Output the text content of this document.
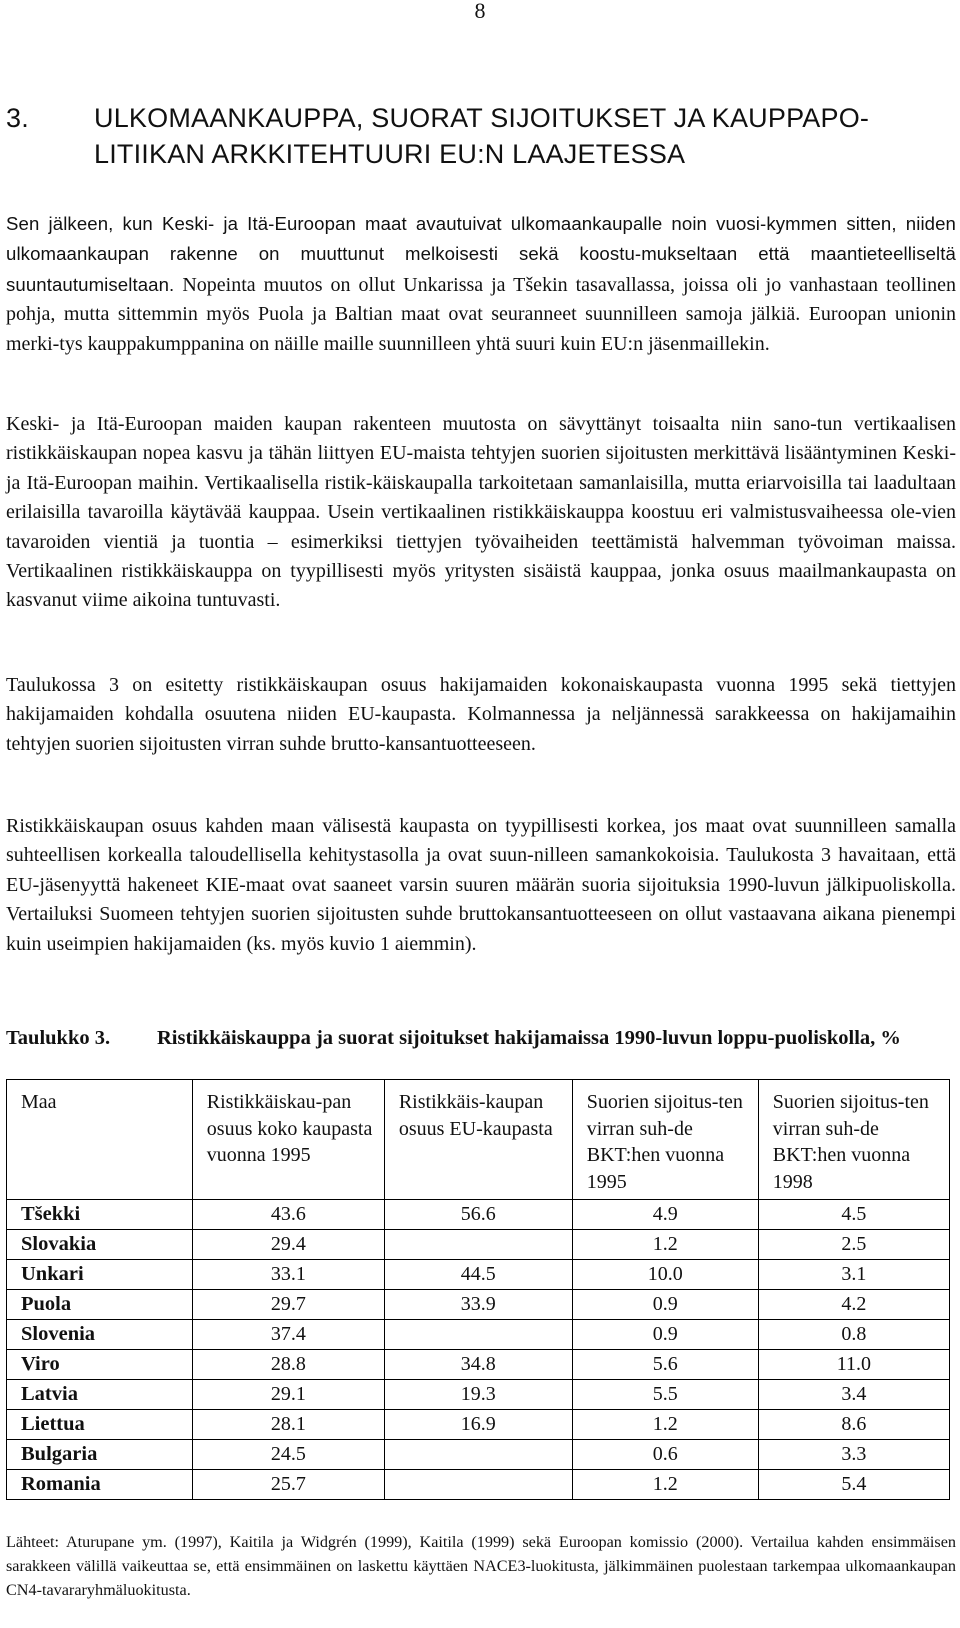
8
3. ULKOMAANKAUPPA, SUORAT SIJOITUKSET JA KAUPPAPO-LITIIKAN ARKKITEHTUURI EU:N LAAJETESSA

Sen jälkeen, kun Keski- ja Itä-Euroopan maat avautuivat ulkomaankaupalle noin vuosi-kymmen sitten, niiden ulkomaankaupan rakenne on muuttunut melkoisesti sekä koostu-mukseltaan että maantieteelliseltä suuntautumiseltaan. Nopeinta muutos on ollut Unkarissa ja Tšekin tasavallassa, joissa oli jo vanhastaan teollinen pohja, mutta sittemmin myös Puola ja Baltian maat ovat seuranneet suunnilleen samoja jälkiä. Euroopan unionin merki-tys kauppakumppanina on näille maille suunnilleen yhtä suuri kuin EU:n jäsenmaillekin.

Keski- ja Itä-Euroopan maiden kaupan rakenteen muutosta on sävyttänyt toisaalta niin sano-tun vertikaalisen ristikkäiskaupan nopea kasvu ja tähän liittyen EU-maista tehtyjen suorien sijoitusten merkittävä lisääntyminen Keski- ja Itä-Euroopan maihin. Vertikaalisella ristik-käiskaupalla tarkoitetaan samanlaisilla, mutta eriarvoisilla tai laadultaan erilaisilla tavaroilla käytävää kauppaa. Usein vertikaalinen ristikkäiskauppa koostuu eri valmistusvaiheessa ole-vien tavaroiden vientiä ja tuontia – esimerkiksi tiettyjen työvaiheiden teettämistä halvemman työvoiman maissa. Vertikaalinen ristikkäiskauppa on tyypillisesti myös yritysten sisäistä kauppaa, jonka osuus maailmankaupasta on kasvanut viime aikoina tuntuvasti.

Taulukossa 3 on esitetty ristikkäiskaupan osuus hakijamaiden kokonaiskaupasta vuonna 1995 sekä tiettyjen hakijamaiden kohdalla osuutena niiden EU-kaupasta. Kolmannessa ja neljännessä sarakkeessa on hakijamaihin tehtyjen suorien sijoitusten virran suhde brutto-kansantuotteeseen.

Ristikkäiskaupan osuus kahden maan välisestä kaupasta on tyypillisesti korkea, jos maat ovat suunnilleen samalla suhteellisen korkealla taloudellisella kehitystasolla ja ovat suun-nilleen samankokoisia. Taulukosta 3 havaitaan, että EU-jäsenyyttä hakeneet KIE-maat ovat saaneet varsin suuren määrän suoria sijoituksia 1990-luvun jälkipuoliskolla. Vertailuksi Suomeen tehtyjen suorien sijoitusten suhde bruttokansantuotteeseen on ollut vastaavana aikana pienempi kuin useimpien hakijamaiden (ks. myös kuvio 1 aiemmin).

Taulukko 3. Ristikkäiskauppa ja suorat sijoitukset hakijamaissa 1990-luvun loppu-puoliskolla, %
Maa	Ristikkäiskau-pan osuus koko kaupasta vuonna 1995	Ristikkäis-kaupan osuus EU-kaupasta	Suorien sijoitus-ten virran suh-de BKT:hen vuonna 1995	Suorien sijoitus-ten virran suh-de BKT:hen vuonna 1998
Tšekki	43.6	56.6	4.9	4.5
Slovakia	29.4		1.2	2.5
Unkari	33.1	44.5	10.0	3.1
Puola	29.7	33.9	0.9	4.2
Slovenia	37.4		0.9	0.8
Viro	28.8	34.8	5.6	11.0
Latvia	29.1	19.3	5.5	3.4
Liettua	28.1	16.9	1.2	8.6
Bulgaria	24.5		0.6	3.3
Romania	25.7		1.2	5.4

Lähteet: Aturupane ym. (1997), Kaitila ja Widgrén (1999), Kaitila (1999) sekä Euroopan komissio (2000). Vertailua kahden ensimmäisen sarakkeen välillä vaikeuttaa se, että ensimmäinen on laskettu käyttäen NACE3-luokitusta, jälkimmäinen puolestaan tarkempaa ulkomaankaupan CN4-tavararyhmäluokitusta.
